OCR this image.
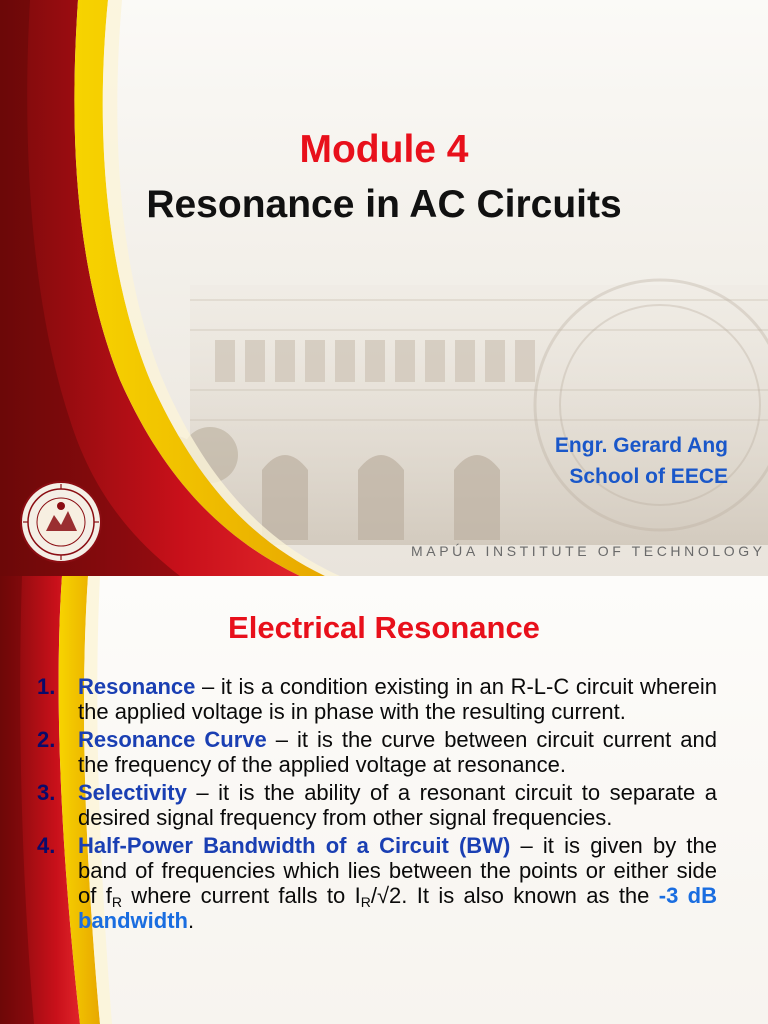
Module 4
Resonance in AC Circuits
Engr. Gerard Ang
School of EECE
MAPÚA INSTITUTE OF TECHNOLOGY
Electrical Resonance
1. Resonance – it is a condition existing in an R-L-C circuit wherein the applied voltage is in phase with the resulting current.
2. Resonance Curve – it is the curve between circuit current and the frequency of the applied voltage at resonance.
3. Selectivity – it is the ability of a resonant circuit to separate a desired signal frequency from other signal frequencies.
4. Half-Power Bandwidth of a Circuit (BW) – it is given by the band of frequencies which lies between the points or either side of $f_R$ where current falls to $I_R/√2$. It is also known as the -3 dB bandwidth.
